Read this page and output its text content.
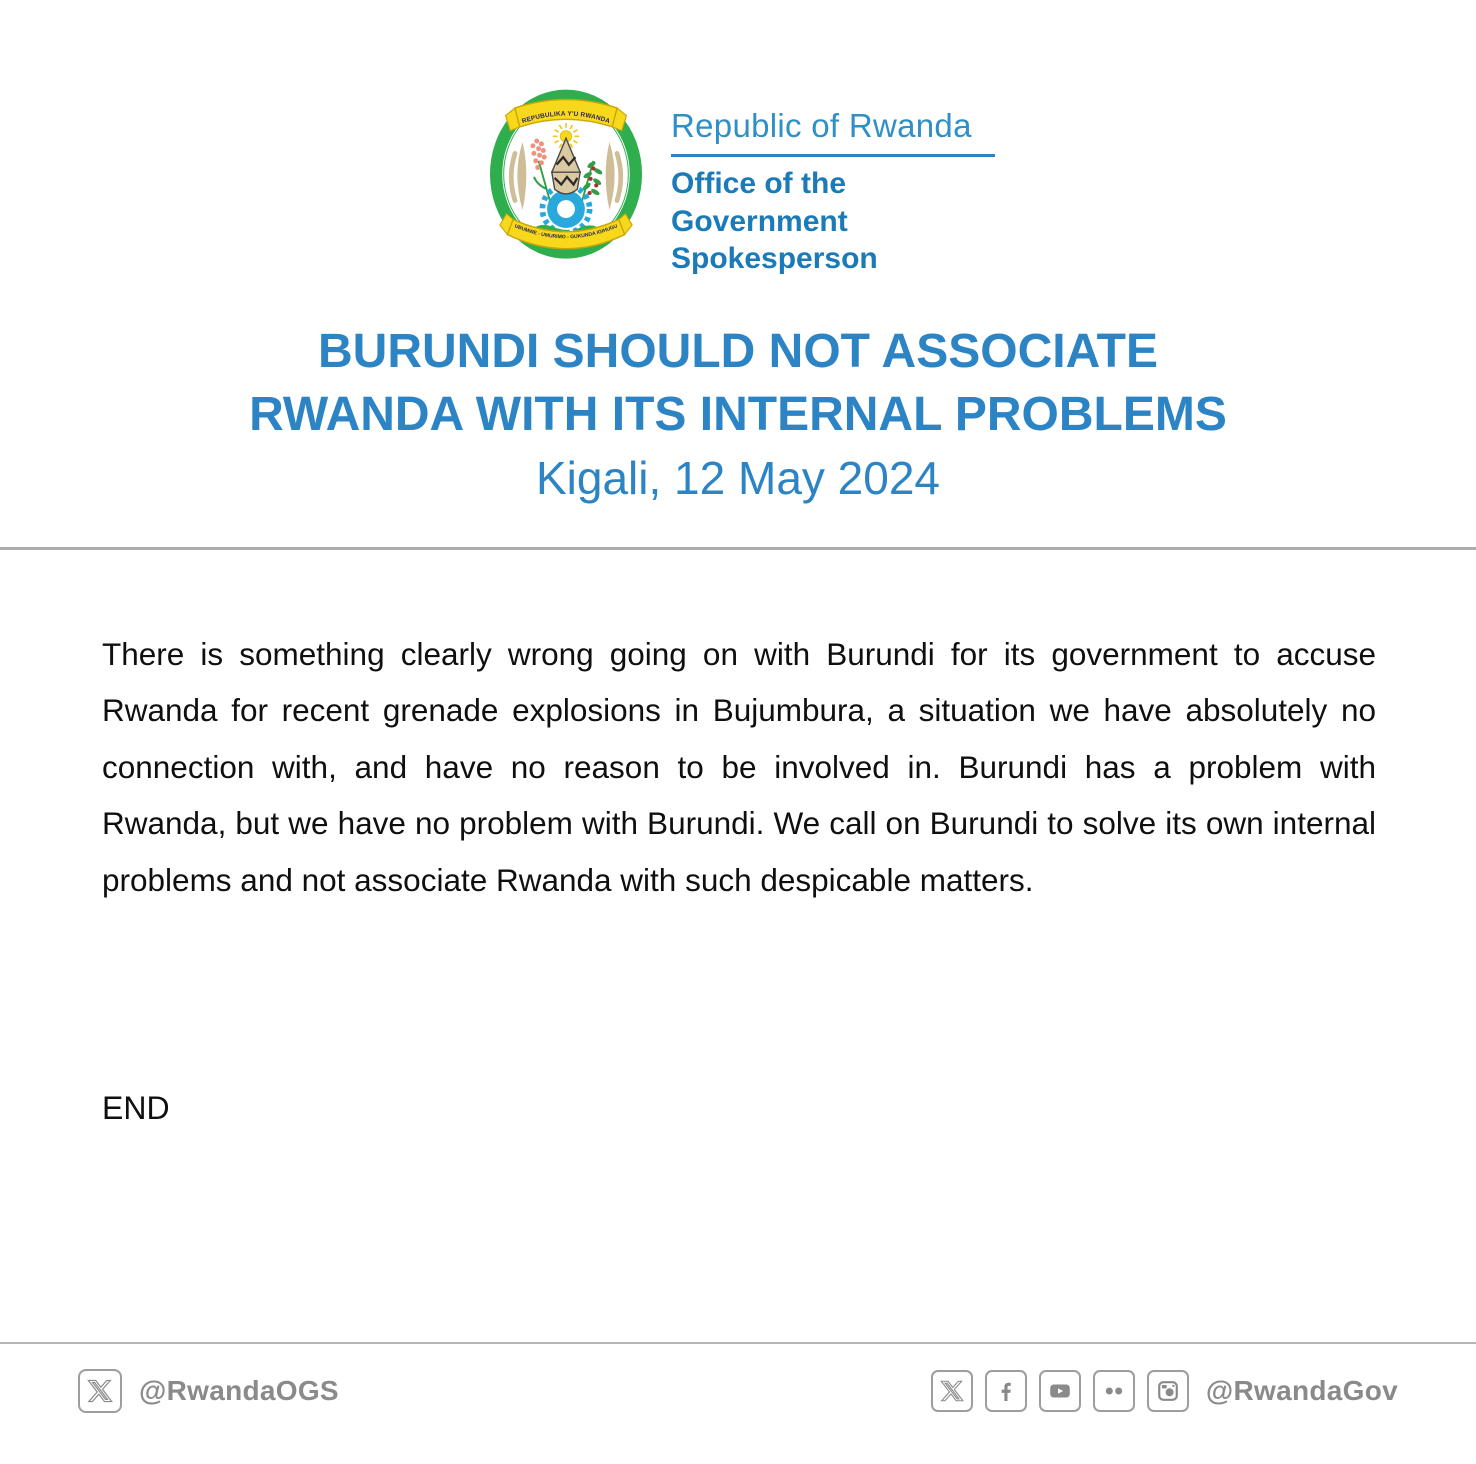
REPUBULIKA Y'U RWANDA
UBUMWE - UMURIMO - GUKUNDA IGIHUGU
Republic of Rwanda
Office of the Government
Spokesperson
BURUNDI SHOULD NOT ASSOCIATE
RWANDA WITH ITS INTERNAL PROBLEMS
Kigali, 12 May 2024

There is something clearly wrong going on with Burundi for its government to accuse Rwanda for recent grenade explosions in Bujumbura, a situation we have absolutely no connection with, and have no reason to be involved in. Burundi has a problem with Rwanda, but we have no problem with Burundi. We call on Burundi to solve its own internal problems and not associate Rwanda with such despicable matters.

END
@RwandaOGS	@RwandaGov
